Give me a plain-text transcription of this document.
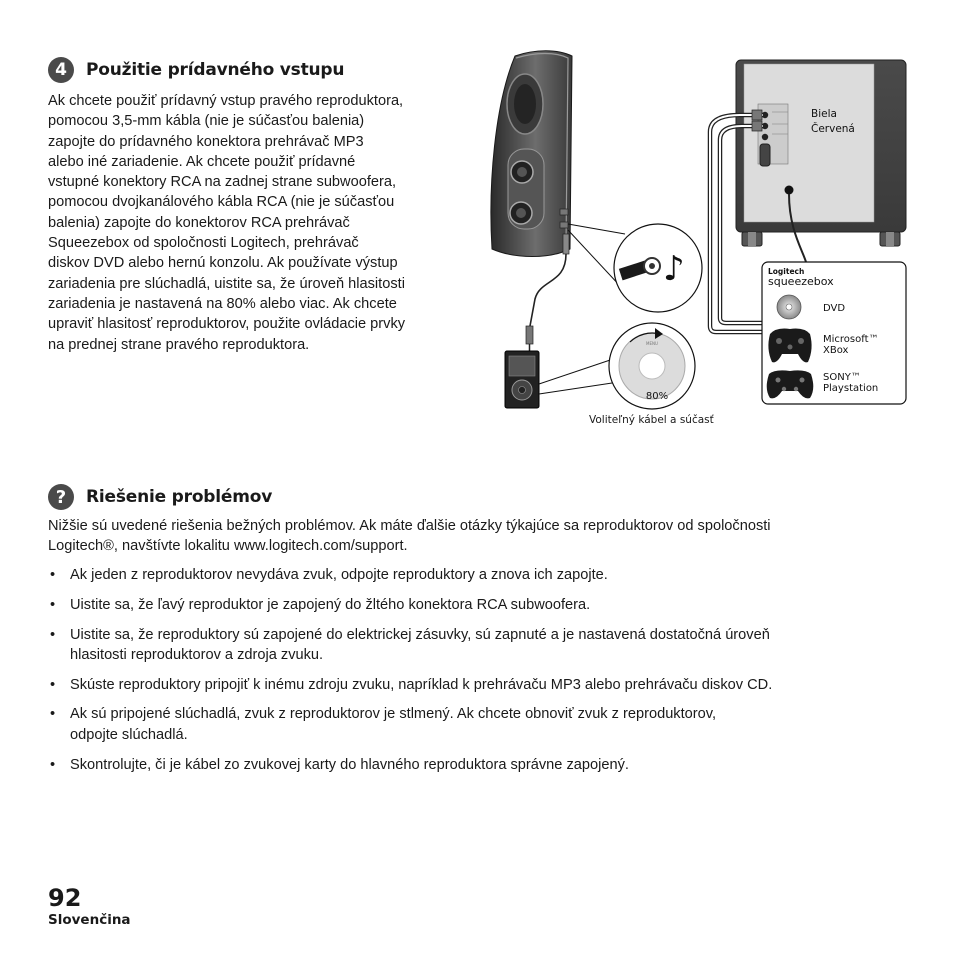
4	Použitie prídavného vstupu
Ak chcete použiť prídavný vstup pravého reproduktora,
pomocou 3,5-mm kábla (nie je súčasťou balenia)
zapojte do prídavného konektora prehrávač MP3
alebo iné zariadenie. Ak chcete použiť prídavné
vstupné konektory RCA na zadnej strane subwoofera,
pomocou dvojkanálového kábla RCA (nie je súčasťou
balenia) zapojte do konektorov RCA prehrávač
Squeezebox od spoločnosti Logitech, prehrávač
diskov DVD alebo hernú konzolu. Ak používate výstup
zariadenia pre slúchadlá, uistite sa, že úroveň hlasitosti
zariadenia je nastavená na 80% alebo viac. Ak chcete
upraviť hlasitosť reproduktorov, použite ovládacie prvky
na prednej strane pravého reproduktora.
♪
MENU
80%
Biela
Červená
Logitech
squeezebox
DVD
Microsoft™
XBox
SONY™
Playstation
Voliteľný kábel a súčasť
?	Riešenie problémov
Nižšie sú uvedené riešenia bežných problémov. Ak máte ďalšie otázky týkajúce sa reproduktorov od spoločnosti
Logitech®, navštívte lokalitu www.logitech.com/support.
• Ak jeden z reproduktorov nevydáva zvuk, odpojte reproduktory a znova ich zapojte.
• Uistite sa, že ľavý reproduktor je zapojený do žltého konektora RCA subwoofera.
• Uistite sa, že reproduktory sú zapojené do elektrickej zásuvky, sú zapnuté a je nastavená dostatočná úroveň
hlasitosti reproduktorov a zdroja zvuku.
• Skúste reproduktory pripojiť k inému zdroju zvuku, napríklad k prehrávaču MP3 alebo prehrávaču diskov CD.
• Ak sú pripojené slúchadlá, zvuk z reproduktorov je stlmený. Ak chcete obnoviť zvuk z reproduktorov,
odpojte slúchadlá.
• Skontrolujte, či je kábel zo zvukovej karty do hlavného reproduktora správne zapojený.
92
Slovenčina
